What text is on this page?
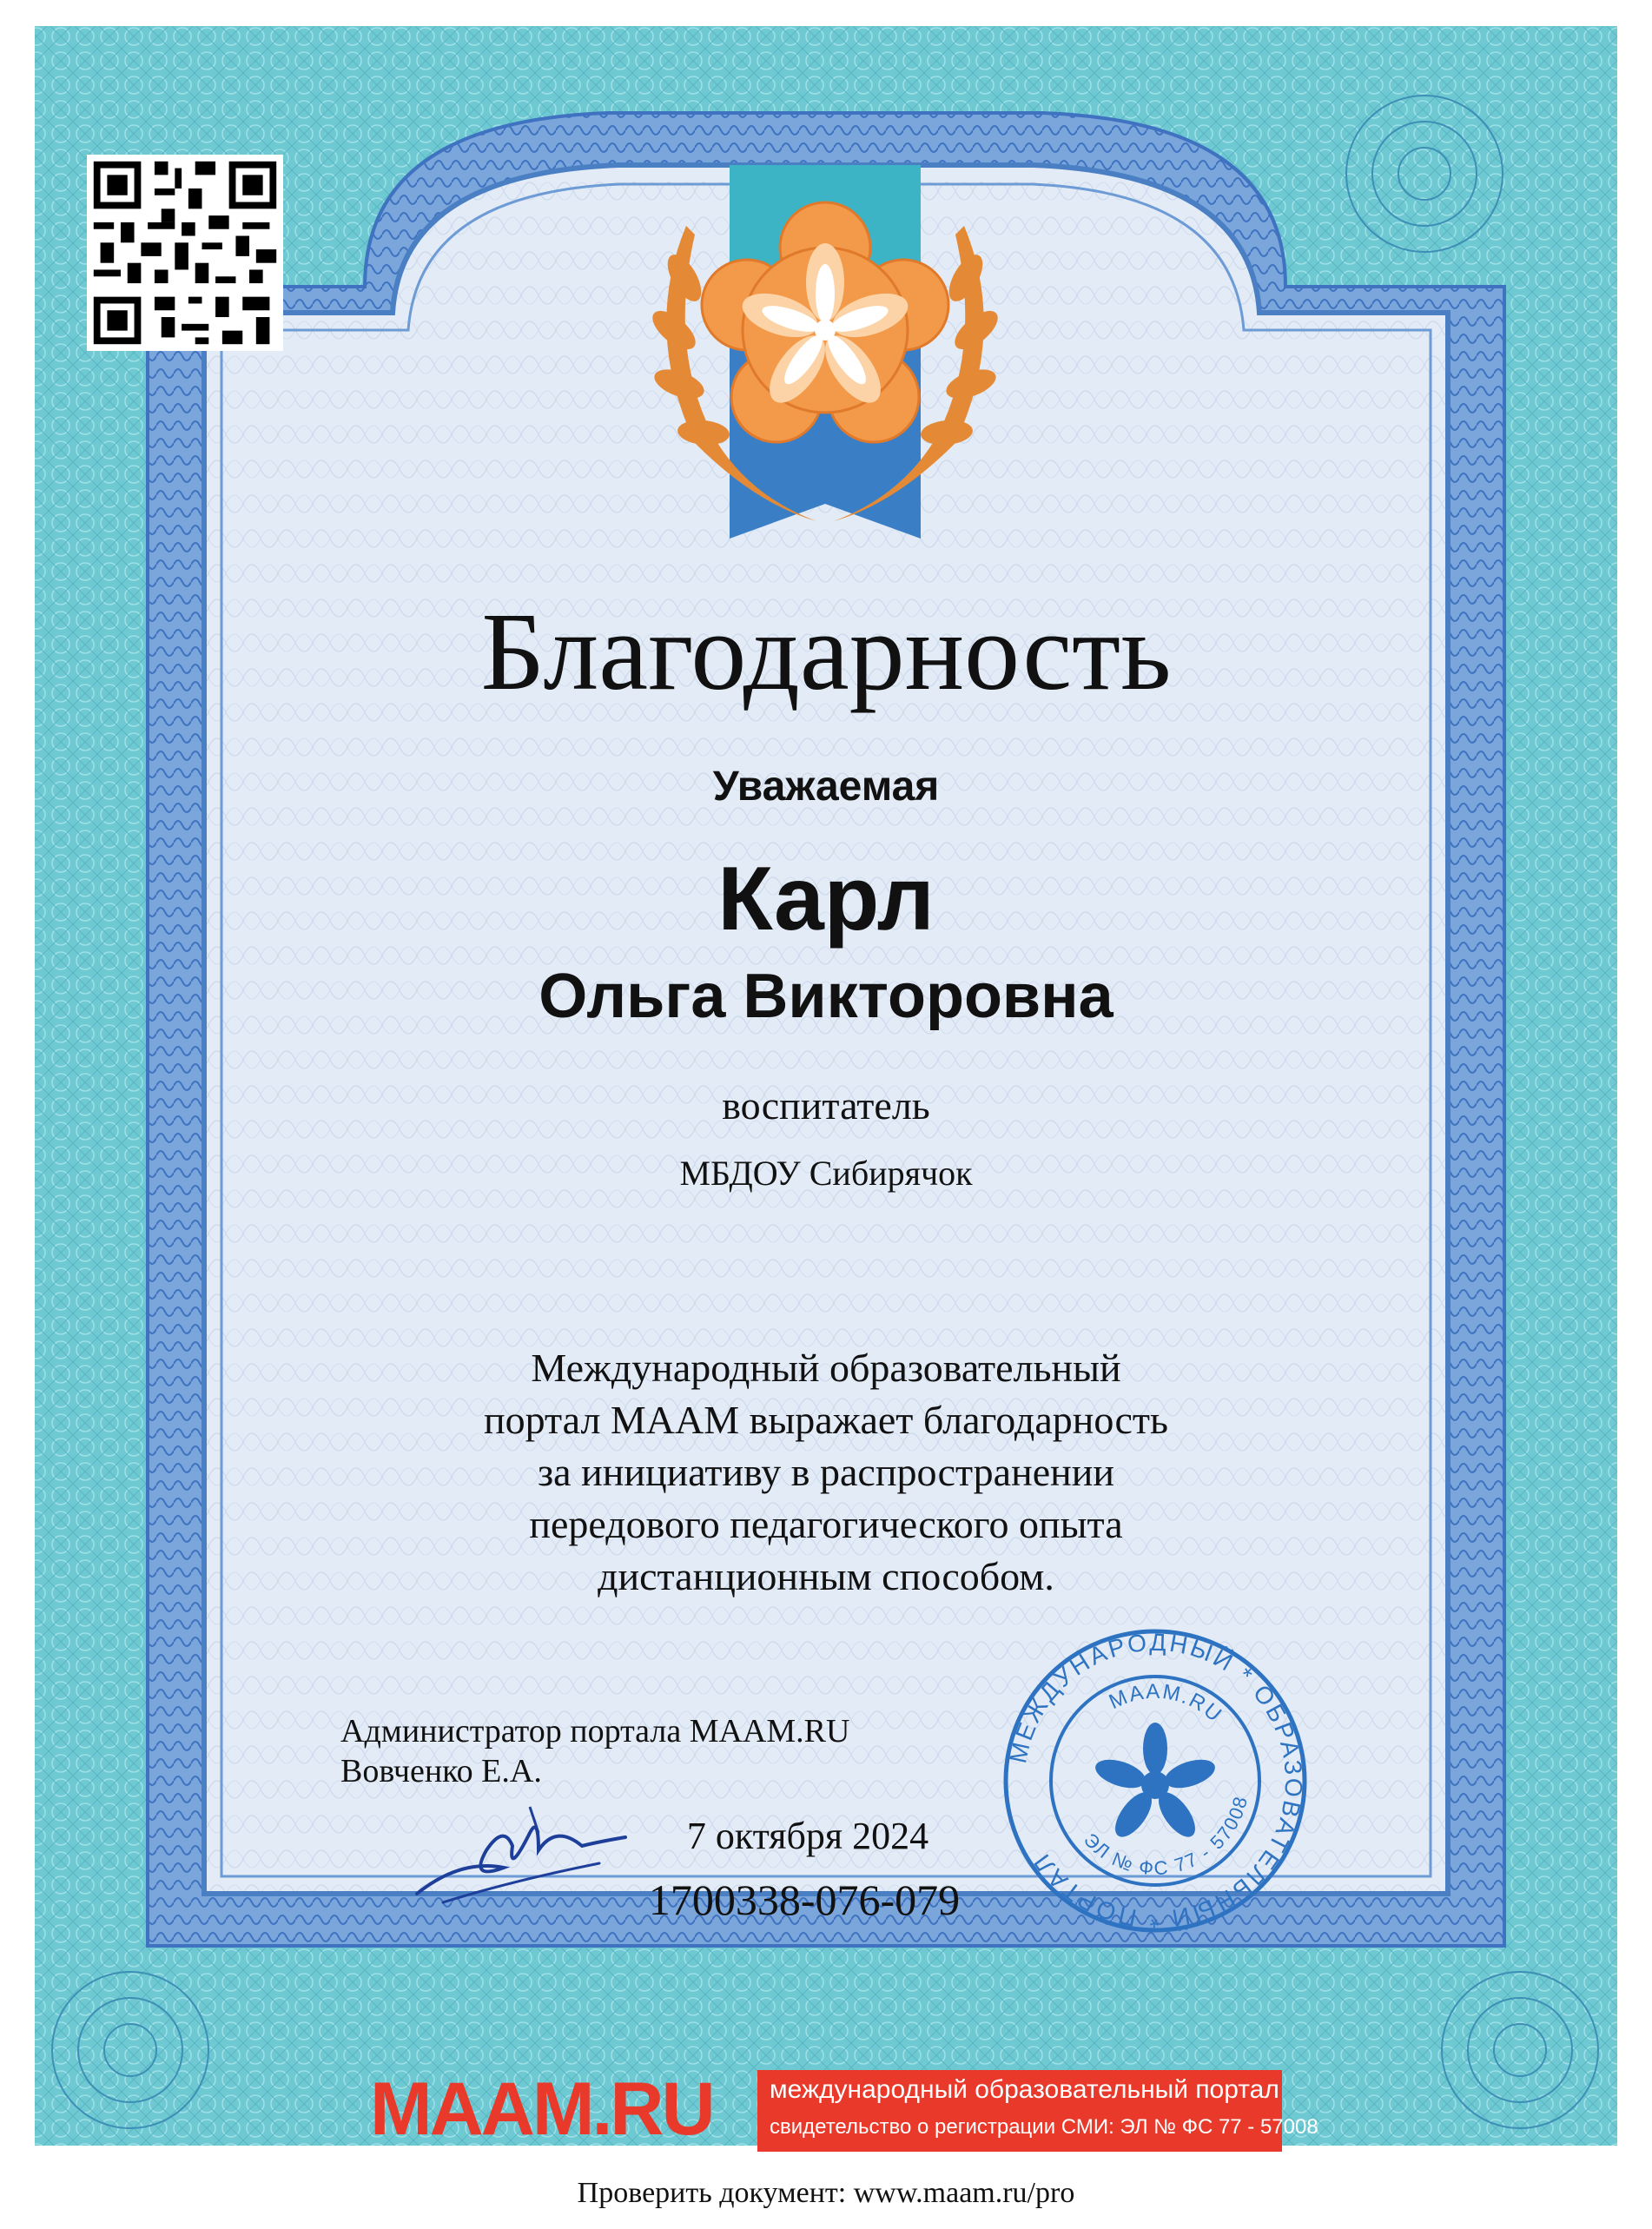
Благодарность
Уважаемая
Карл
Ольга Викторовна
воспитатель
МБДОУ Сибирячок
Международный образовательный
портал МААМ выражает благодарность
за инициативу в распространении
передового педагогического опыта
дистанционным способом.
Администратор портала MAAM.RU
Вовченко Е.А.
7 октября 2024
1700338-076-079
МЕЖДУНАРОДНЫЙ * ОБРАЗОВАТЕЛЬНЫЙ * ПОРТАЛ
MAAM.RU
ЭЛ № ФС 77 - 57008
MAAM.RU	международный образовательный портал
свидетельство о регистрации СМИ: ЭЛ № ФС 77 - 57008
Проверить документ: www.maam.ru/pro
